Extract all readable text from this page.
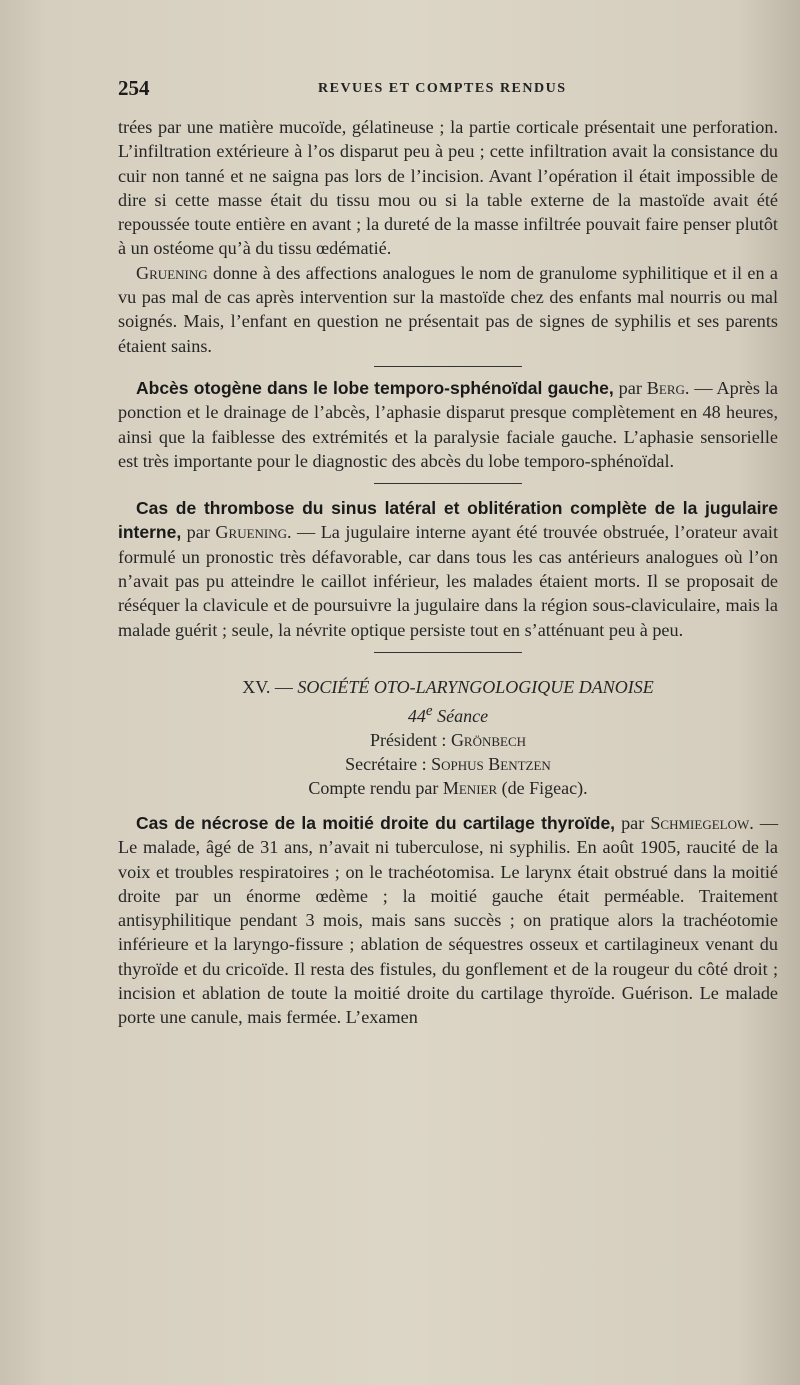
254	REVUES ET COMPTES RENDUS

trées par une matière mucoïde, gélatineuse ; la partie corticale présentait une perforation. L’infiltration extérieure à l’os disparut peu à peu ; cette infiltration avait la consistance du cuir non tanné et ne saigna pas lors de l’incision. Avant l’opération il était impossible de dire si cette masse était du tissu mou ou si la table externe de la mastoïde avait été repoussée toute entière en avant ; la dureté de la masse infiltrée pouvait faire penser plutôt à un ostéome qu’à du tissu œdématié.

Gruening donne à des affections analogues le nom de granulome syphilitique et il en a vu pas mal de cas après intervention sur la mastoïde chez des enfants mal nourris ou mal soignés. Mais, l’enfant en question ne présentait pas de signes de syphilis et ses parents étaient sains.

Abcès otogène dans le lobe temporo-sphénoïdal gauche, par Berg. — Après la ponction et le drainage de l’abcès, l’aphasie disparut presque complètement en 48 heures, ainsi que la faiblesse des extrémités et la paralysie faciale gauche. L’aphasie sensorielle est très importante pour le diagnostic des abcès du lobe temporo-sphénoïdal.

Cas de thrombose du sinus latéral et oblitération complète de la jugulaire interne, par Gruening. — La jugulaire interne ayant été trouvée obstruée, l’orateur avait formulé un pronostic très défavorable, car dans tous les cas antérieurs analogues où l’on n’avait pas pu atteindre le caillot inférieur, les malades étaient morts. Il se proposait de réséquer la clavicule et de poursuivre la jugulaire dans la région sous-claviculaire, mais la malade guérit ; seule, la névrite optique persiste tout en s’atténuant peu à peu.

XV. — SOCIÉTÉ OTO-LARYNGOLOGIQUE DANOISE
44e Séance
Président : Grönbech
Secrétaire : Sophus Bentzen
Compte rendu par Menier (de Figeac).

Cas de nécrose de la moitié droite du cartilage thyroïde, par Schmiegelow. — Le malade, âgé de 31 ans, n’avait ni tuberculose, ni syphilis. En août 1905, raucité de la voix et troubles respiratoires ; on le trachéotomisa. Le larynx était obstrué dans la moitié droite par un énorme œdème ; la moitié gauche était perméable. Traitement antisyphilitique pendant 3 mois, mais sans succès ; on pratique alors la trachéotomie inférieure et la laryngo-fissure ; ablation de séquestres osseux et cartilagineux venant du thyroïde et du cricoïde. Il resta des fistules, du gonflement et de la rougeur du côté droit ; incision et ablation de toute la moitié droite du cartilage thyroïde. Guérison. Le malade porte une canule, mais fermée. L’examen
